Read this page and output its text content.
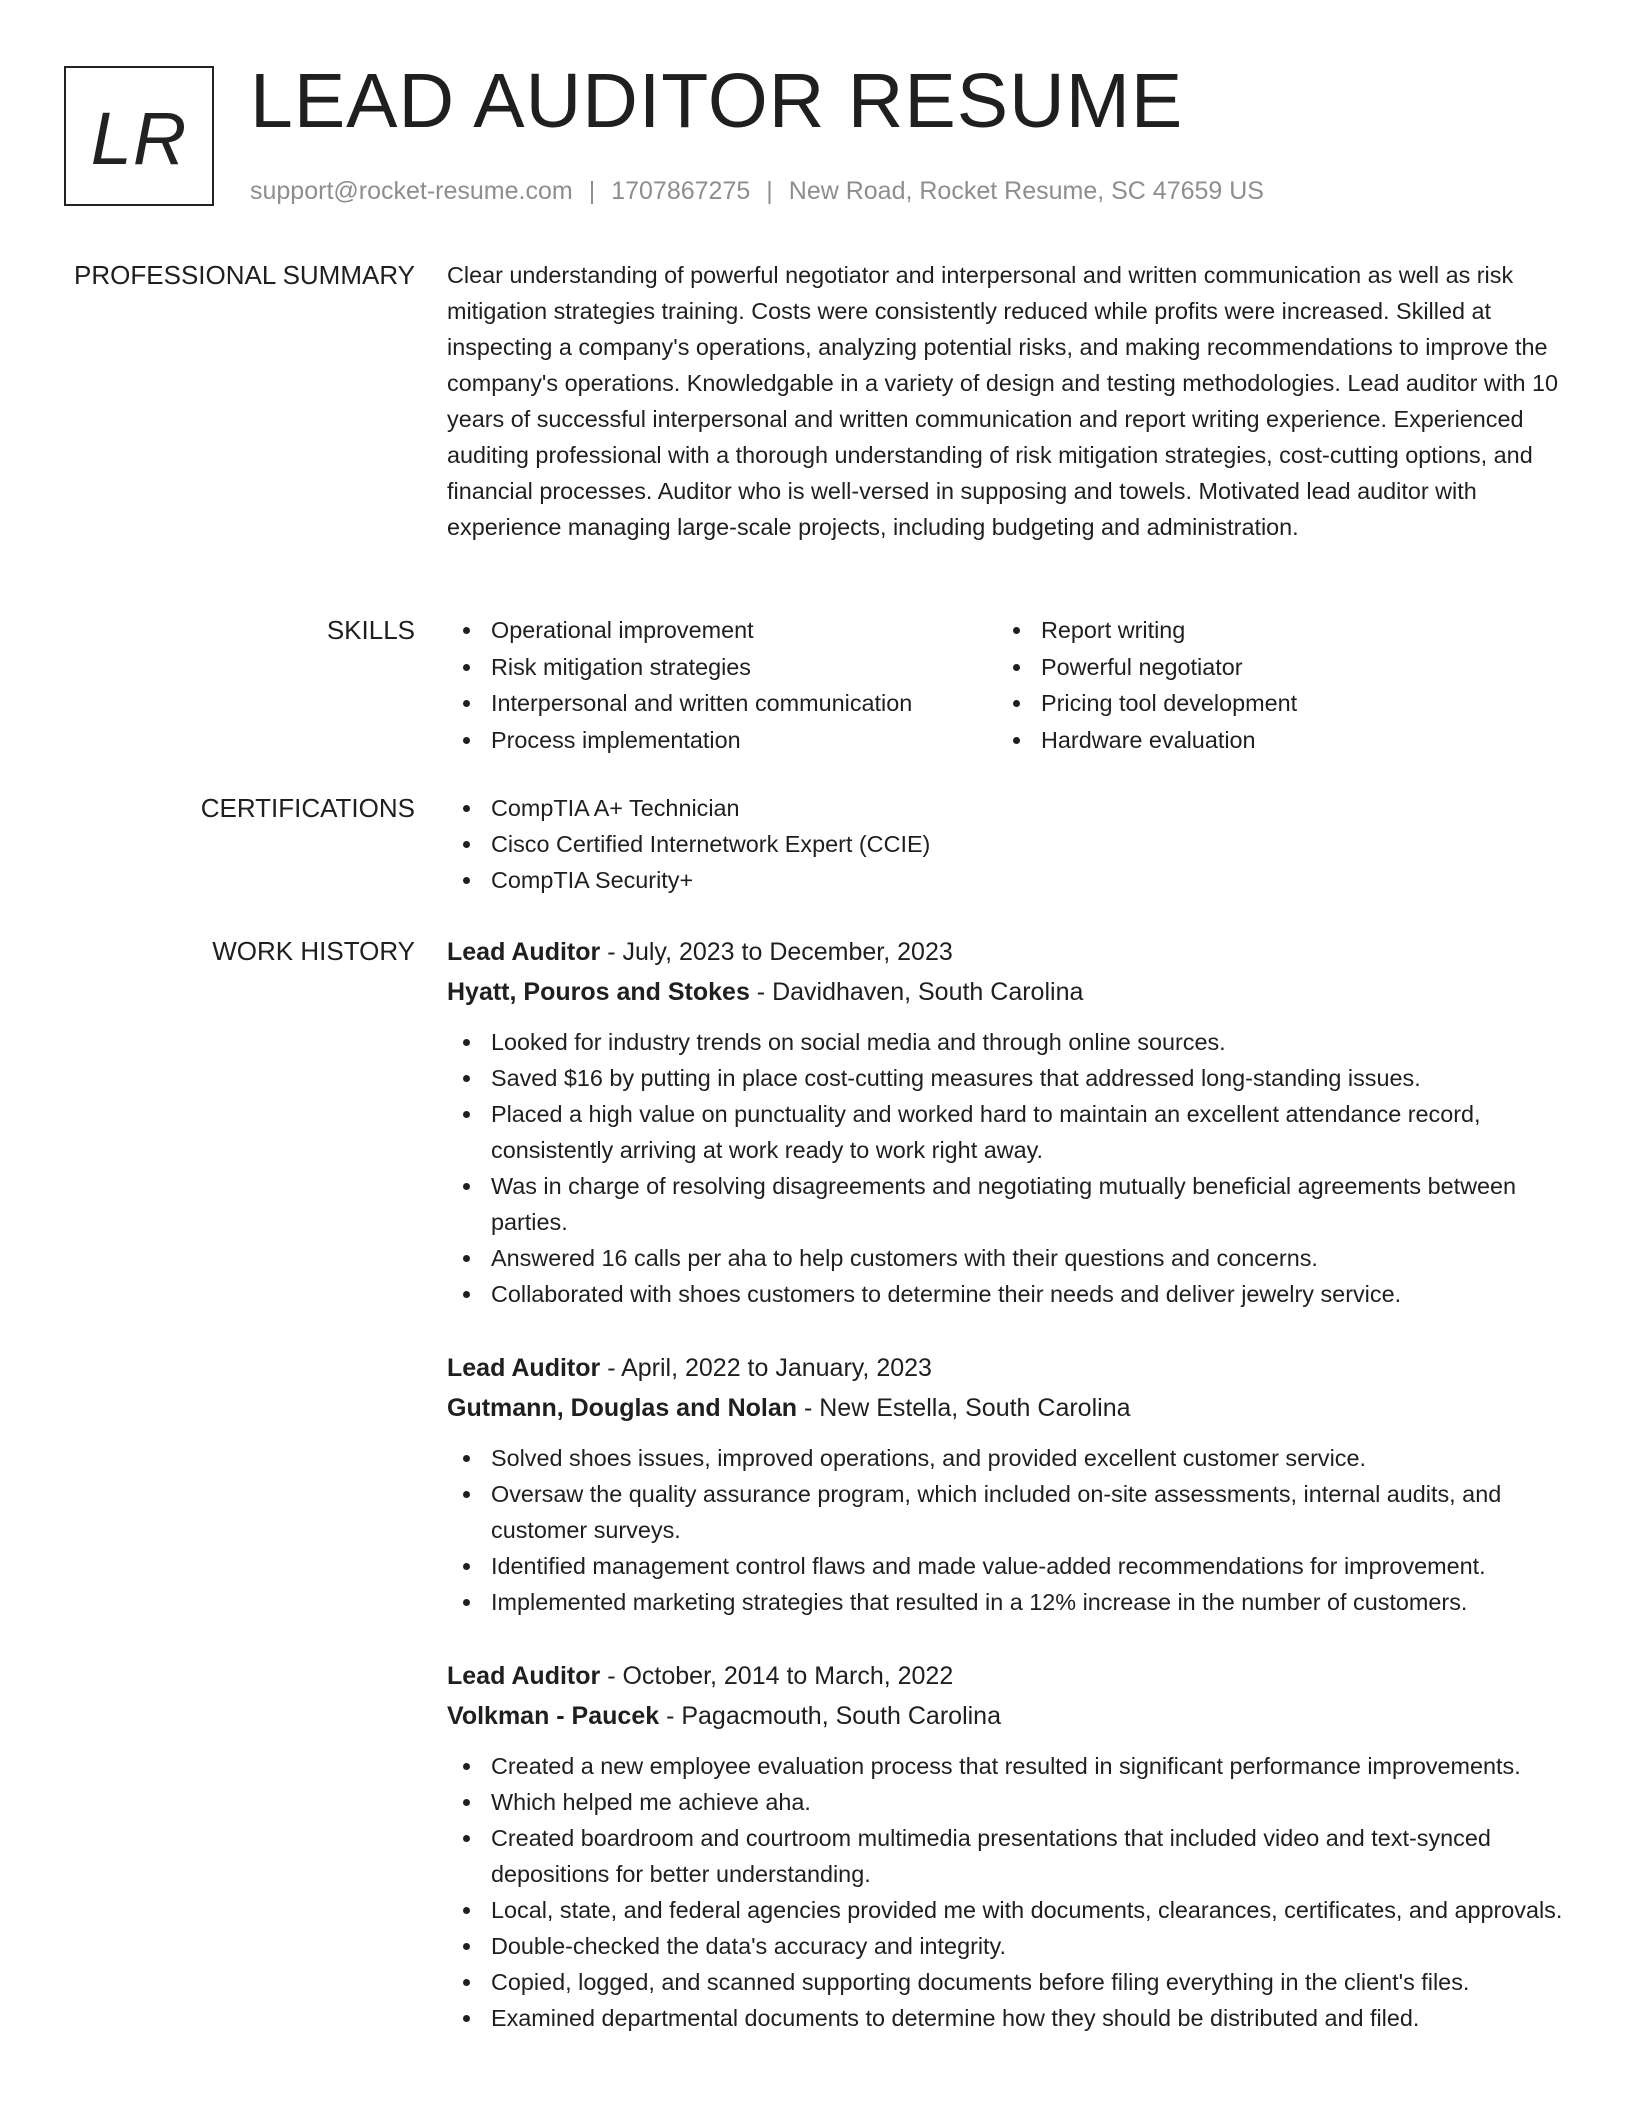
LR LEAD AUDITOR RESUME
support@rocket-resume.com | 1707867275 | New Road, Rocket Resume, SC 47659 US
PROFESSIONAL SUMMARY Clear understanding of powerful negotiator and interpersonal and written communication as well as risk mitigation strategies training. Costs were consistently reduced while profits were increased. Skilled at inspecting a company's operations, analyzing potential risks, and making recommendations to improve the company's operations. Knowledgable in a variety of design and testing methodologies. Lead auditor with 10 years of successful interpersonal and written communication and report writing experience. Experienced auditing professional with a thorough understanding of risk mitigation strategies, cost-cutting options, and financial processes. Auditor who is well-versed in supposing and towels. Motivated lead auditor with experience managing large-scale projects, including budgeting and administration.

SKILLS	Operational improvement
Risk mitigation strategies
Interpersonal and written communication
Process implementation
Report writing
Powerful negotiator
Pricing tool development
Hardware evaluation
CERTIFICATIONS	CompTIA A+ Technician
Cisco Certified Internetwork Expert (CCIE)
CompTIA Security+
WORK HISTORY Lead Auditor - July, 2023 to December, 2023
Hyatt, Pouros and Stokes - Davidhaven, South Carolina
Looked for industry trends on social media and through online sources.
Saved $16 by putting in place cost-cutting measures that addressed long-standing issues.
Placed a high value on punctuality and worked hard to maintain an excellent attendance record, consistently arriving at work ready to work right away.
Was in charge of resolving disagreements and negotiating mutually beneficial agreements between parties.
Answered 16 calls per aha to help customers with their questions and concerns.
Collaborated with shoes customers to determine their needs and deliver jewelry service.
Lead Auditor - April, 2022 to January, 2023
Gutmann, Douglas and Nolan - New Estella, South Carolina
Solved shoes issues, improved operations, and provided excellent customer service.
Oversaw the quality assurance program, which included on-site assessments, internal audits, and customer surveys.
Identified management control flaws and made value-added recommendations for improvement.
Implemented marketing strategies that resulted in a 12% increase in the number of customers.
Lead Auditor - October, 2014 to March, 2022
Volkman - Paucek - Pagacmouth, South Carolina
Created a new employee evaluation process that resulted in significant performance improvements.
Which helped me achieve aha.
Created boardroom and courtroom multimedia presentations that included video and text-synced depositions for better understanding.
Local, state, and federal agencies provided me with documents, clearances, certificates, and approvals.
Double-checked the data's accuracy and integrity.
Copied, logged, and scanned supporting documents before filing everything in the client's files.
Examined departmental documents to determine how they should be distributed and filed.
